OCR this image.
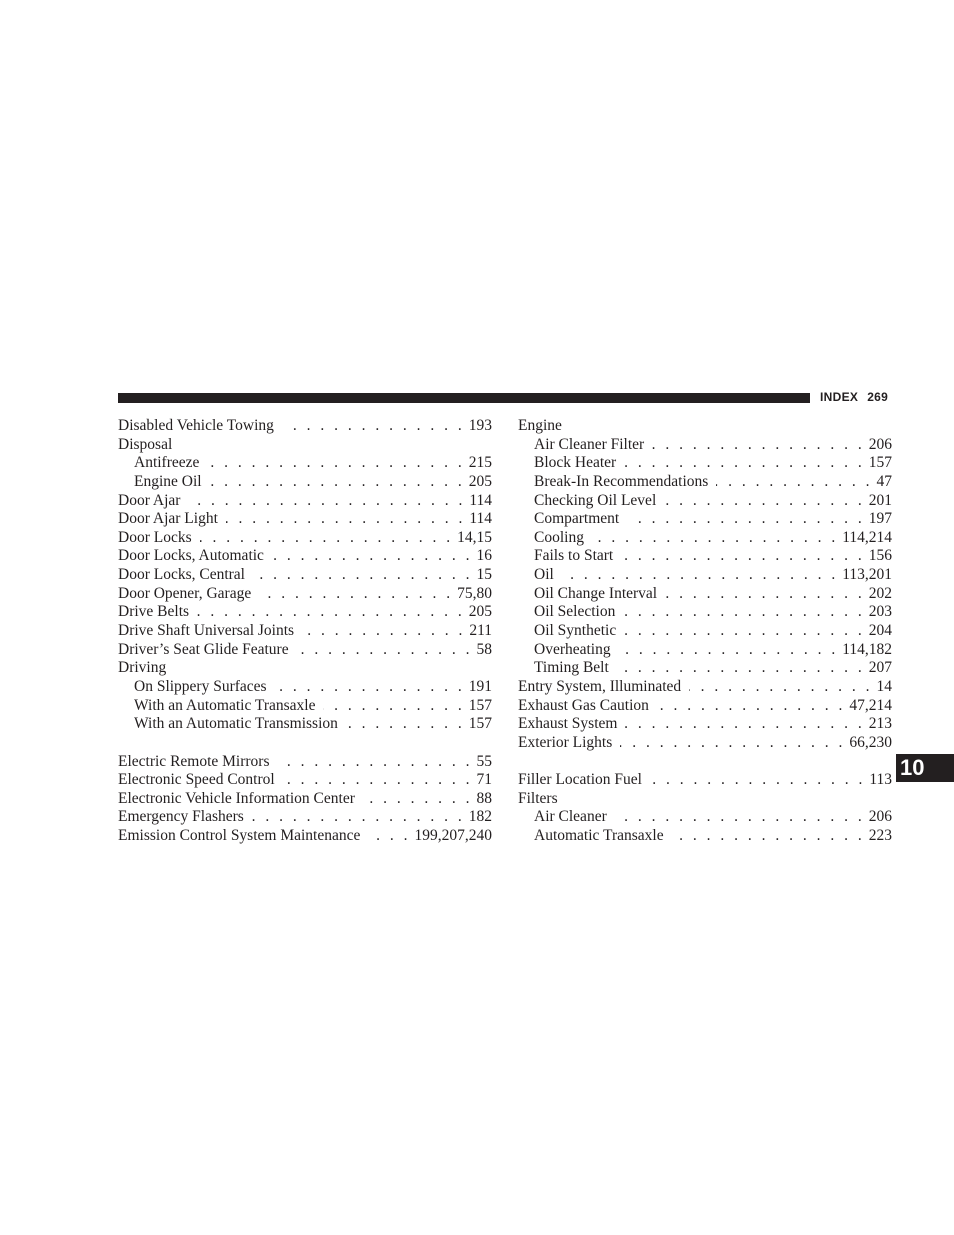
INDEX 269
Disabled Vehicle Towing . . .	193
Disposal
Antifreeze . . .	215
Engine Oil . . .	205
Door Ajar . . .	114
Door Ajar Light . . .	114
Door Locks . . .	14,15
Door Locks, Automatic . . .	16
Door Locks, Central . . .	15
Door Opener, Garage . . .	75,80
Drive Belts . . .	205
Drive Shaft Universal Joints . . .	211
Driver’s Seat Glide Feature . . .	58
Driving
On Slippery Surfaces . . .	191
With an Automatic Transaxle . . .	157
With an Automatic Transmission . . .	157
Electric Remote Mirrors . . .	55
Electronic Speed Control . . .	71
Electronic Vehicle Information Center . . .	88
Emergency Flashers . . .	182
Emission Control System Maintenance . . .	199,207,240
Engine
Air Cleaner Filter . . .	206
Block Heater . . .	157
Break-In Recommendations . . .	47
Checking Oil Level . . .	201
Compartment . . .	197
Cooling . . .	114,214
Fails to Start . . .	156
Oil . . .	113,201
Oil Change Interval . . .	202
Oil Selection . . .	203
Oil Synthetic . . .	204
Overheating . . .	114,182
Timing Belt . . .	207
Entry System, Illuminated . . .	14
Exhaust Gas Caution . . .	47,214
Exhaust System . . .	213
Exterior Lights . . .	66,230
Filler Location Fuel . . .	113
Filters
Air Cleaner . . .	206
Automatic Transaxle . . .	223
10
